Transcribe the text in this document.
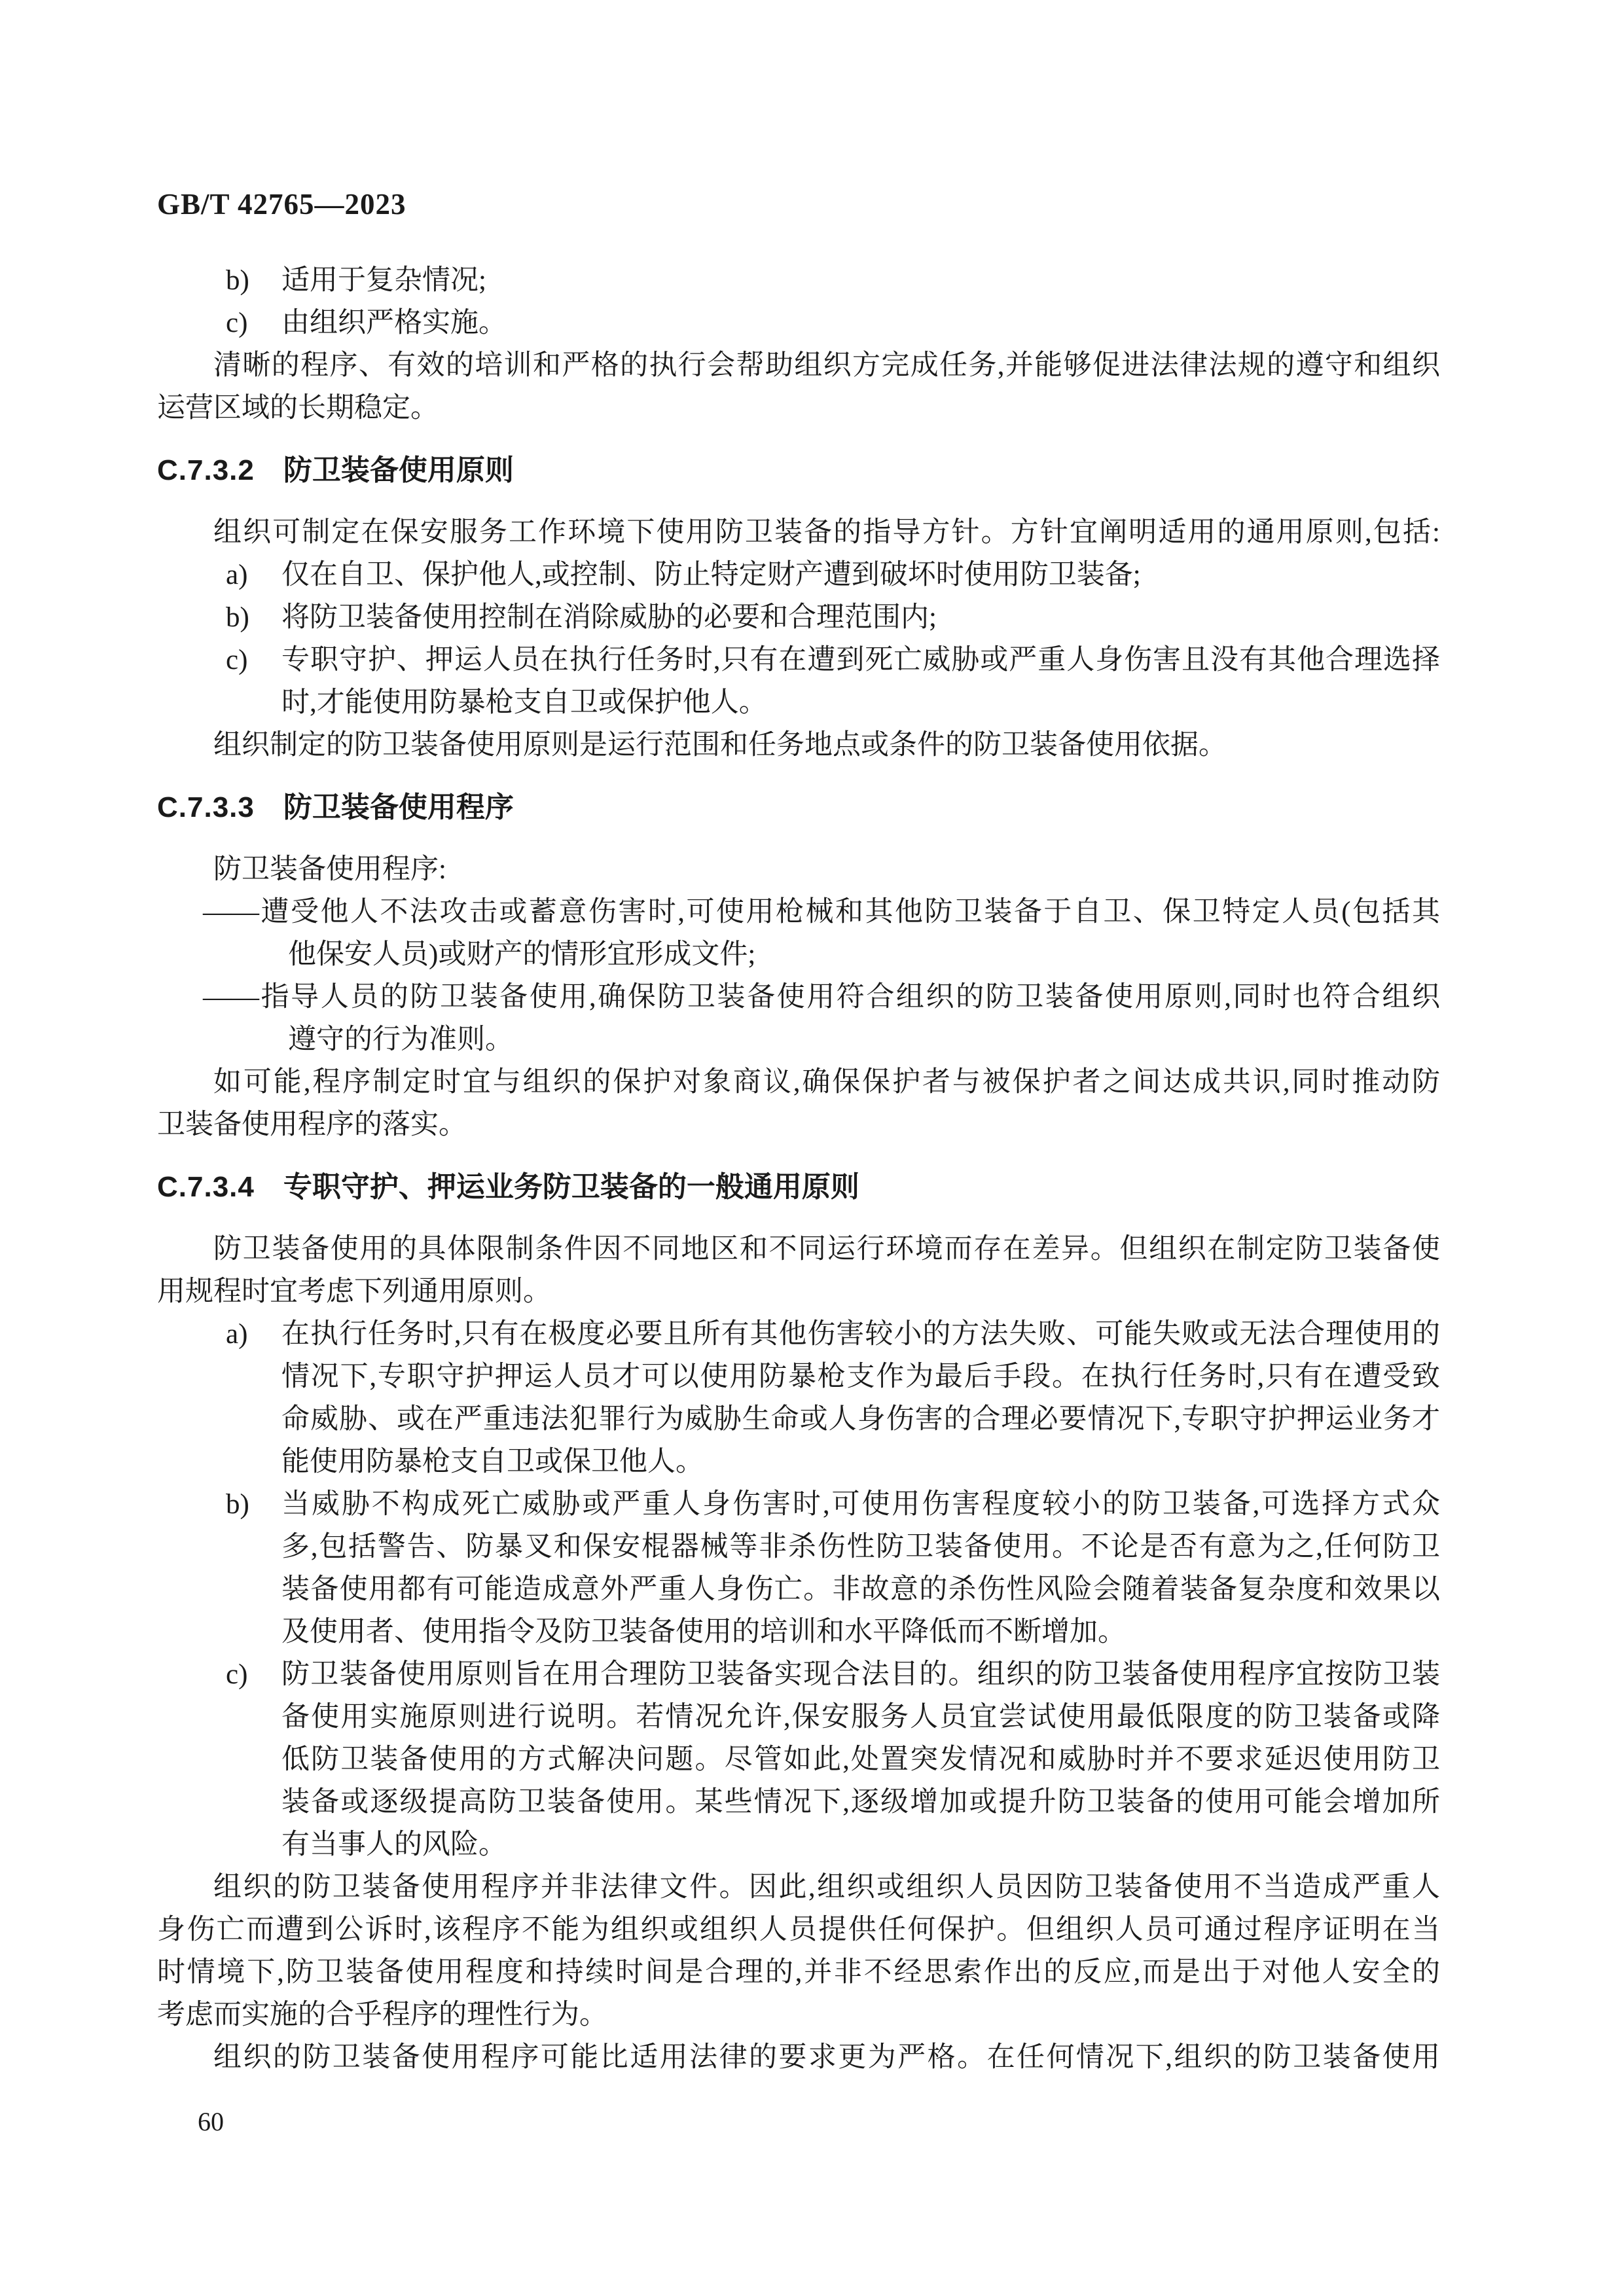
GB/T 42765—2023
b) 适用于复杂情况;
c) 由组织严格实施。
清晰的程序、有效的培训和严格的执行会帮助组织方完成任务,并能够促进法律法规的遵守和组织
运营区域的长期稳定。
C.7.3.2 防卫装备使用原则
组织可制定在保安服务工作环境下使用防卫装备的指导方针。方针宜阐明适用的通用原则,包括:
a) 仅在自卫、保护他人,或控制、防止特定财产遭到破坏时使用防卫装备;
b) 将防卫装备使用控制在消除威胁的必要和合理范围内;
c) 专职守护、押运人员在执行任务时,只有在遭到死亡威胁或严重人身伤害且没有其他合理选择
时,才能使用防暴枪支自卫或保护他人。
组织制定的防卫装备使用原则是运行范围和任务地点或条件的防卫装备使用依据。
C.7.3.3 防卫装备使用程序
防卫装备使用程序:
——遭受他人不法攻击或蓄意伤害时,可使用枪械和其他防卫装备于自卫、保卫特定人员(包括其
他保安人员)或财产的情形宜形成文件;
——指导人员的防卫装备使用,确保防卫装备使用符合组织的防卫装备使用原则,同时也符合组织
遵守的行为准则。
如可能,程序制定时宜与组织的保护对象商议,确保保护者与被保护者之间达成共识,同时推动防
卫装备使用程序的落实。
C.7.3.4 专职守护、押运业务防卫装备的一般通用原则
防卫装备使用的具体限制条件因不同地区和不同运行环境而存在差异。但组织在制定防卫装备使
用规程时宜考虑下列通用原则。
a) 在执行任务时,只有在极度必要且所有其他伤害较小的方法失败、可能失败或无法合理使用的
情况下,专职守护押运人员才可以使用防暴枪支作为最后手段。在执行任务时,只有在遭受致
命威胁、或在严重违法犯罪行为威胁生命或人身伤害的合理必要情况下,专职守护押运业务才
能使用防暴枪支自卫或保卫他人。
b) 当威胁不构成死亡威胁或严重人身伤害时,可使用伤害程度较小的防卫装备,可选择方式众
多,包括警告、防暴叉和保安棍器械等非杀伤性防卫装备使用。不论是否有意为之,任何防卫
装备使用都有可能造成意外严重人身伤亡。非故意的杀伤性风险会随着装备复杂度和效果以
及使用者、使用指令及防卫装备使用的培训和水平降低而不断增加。
c) 防卫装备使用原则旨在用合理防卫装备实现合法目的。组织的防卫装备使用程序宜按防卫装
备使用实施原则进行说明。若情况允许,保安服务人员宜尝试使用最低限度的防卫装备或降
低防卫装备使用的方式解决问题。尽管如此,处置突发情况和威胁时并不要求延迟使用防卫
装备或逐级提高防卫装备使用。某些情况下,逐级增加或提升防卫装备的使用可能会增加所
有当事人的风险。
组织的防卫装备使用程序并非法律文件。因此,组织或组织人员因防卫装备使用不当造成严重人
身伤亡而遭到公诉时,该程序不能为组织或组织人员提供任何保护。但组织人员可通过程序证明在当
时情境下,防卫装备使用程度和持续时间是合理的,并非不经思索作出的反应,而是出于对他人安全的
考虑而实施的合乎程序的理性行为。
组织的防卫装备使用程序可能比适用法律的要求更为严格。在任何情况下,组织的防卫装备使用
60
